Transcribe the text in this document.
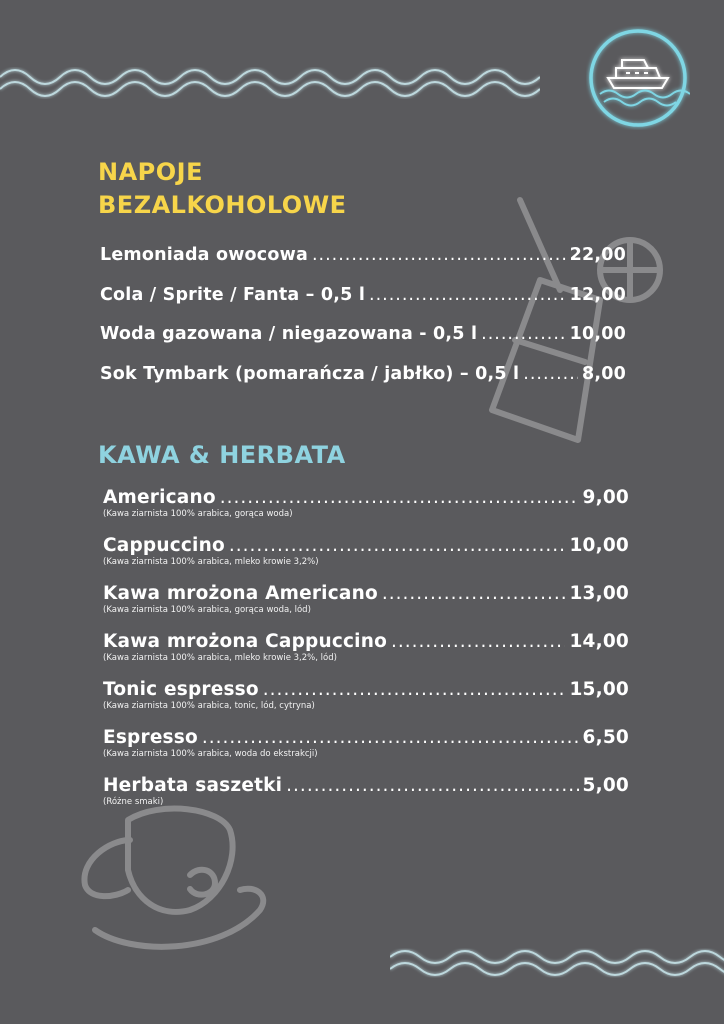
NAPOJE
BEZALKOHOLOWE
Lemoniada owocowa .....	22,00
Cola / Sprite / Fanta – 0,5 l .....	12,00
Woda gazowana / niegazowana - 0,5 l .....	10,00
Sok Tymbark (pomarańcza / jabłko) – 0,5 l .....	8,00
KAWA & HERBATA
Americano .....	9,00
(Kawa ziarnista 100% arabica, gorąca woda)
Cappuccino .....	10,00
(Kawa ziarnista 100% arabica, mleko krowie 3,2%)
Kawa mrożona Americano .....	13,00
(Kawa ziarnista 100% arabica, gorąca woda, lód)
Kawa mrożona Cappuccino .....	14,00
(Kawa ziarnista 100% arabica, mleko krowie 3,2%, lód)
Tonic espresso .....	15,00
(Kawa ziarnista 100% arabica, tonic, lód, cytryna)
Espresso .....	6,50
(Kawa ziarnista 100% arabica, woda do ekstrakcji)
Herbata saszetki .....	5,00
(Różne smaki)
